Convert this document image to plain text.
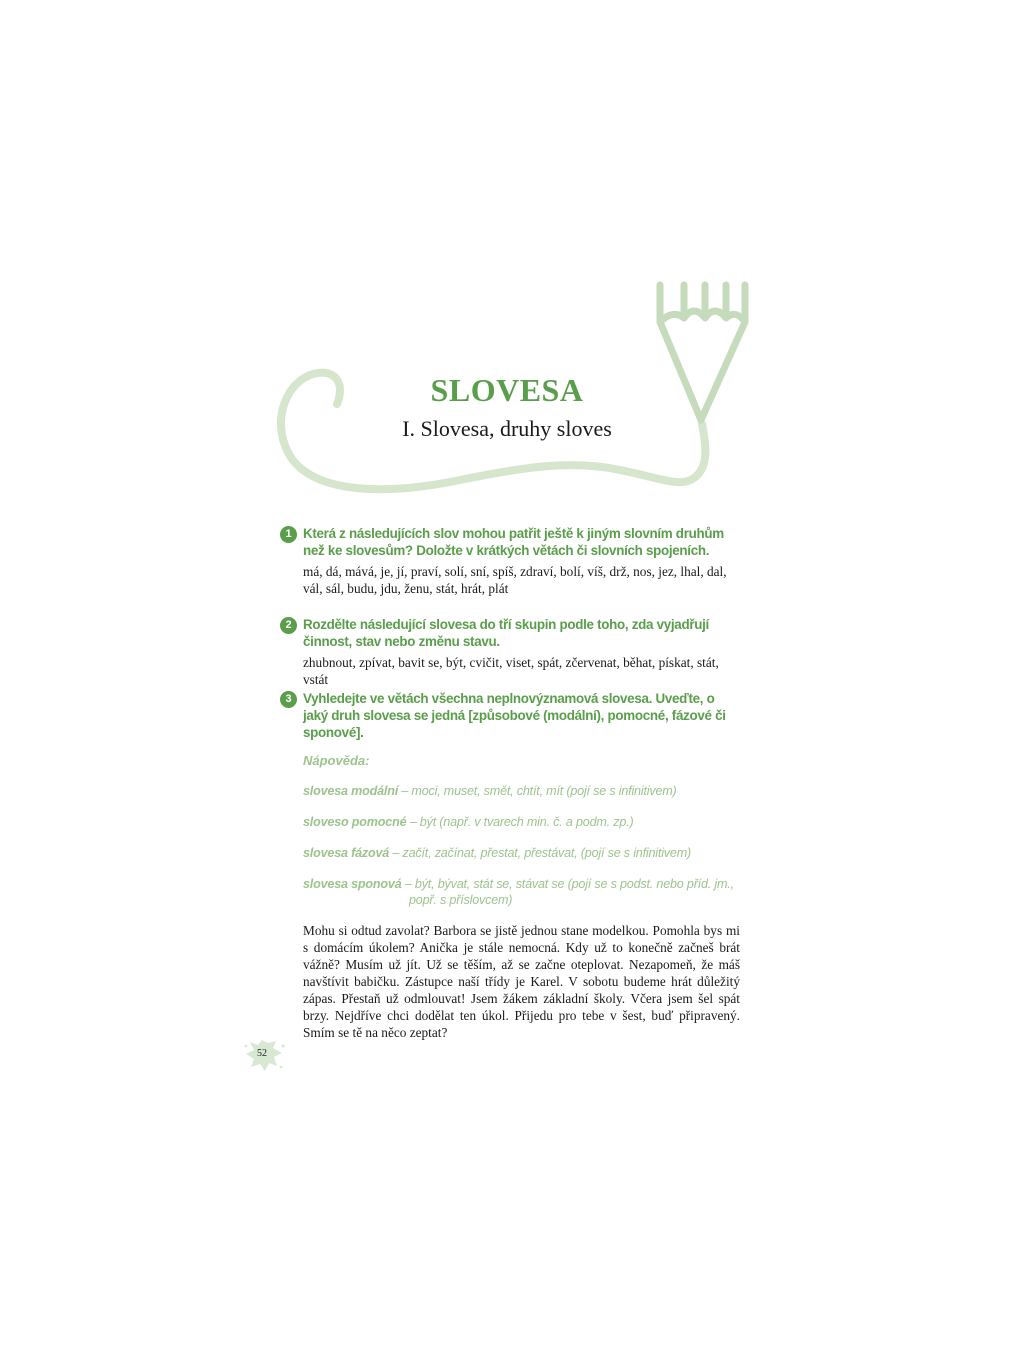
SLOVESA
I. Slovesa, druhy sloves
1 Která z následujících slov mohou patřit ještě k jiným slovním druhům než ke slovesům? Doložte v krátkých větách či slovních spojeních.

má, dá, mává, je, jí, praví, solí, sní, spíš, zdraví, bolí, víš, drž, nos, jez, lhal, dal, vál, sál, budu, jdu, ženu, stát, hrát, plát

2 Rozdělte následující slovesa do tří skupin podle toho, zda vyjadřují činnost, stav nebo změnu stavu.

zhubnout, zpívat, bavit se, být, cvičit, viset, spát, zčervenat, běhat, pískat, stát, vstát

3 Vyhledejte ve větách všechna neplnovýznamová slovesa. Uveďte, o jaký druh slovesa se jedná [způsobové (modální), pomocné, fázové či sponové].

Nápověda:
slovesa modální – moci, muset, smět, chtít, mít (pojí se s infinitivem)
sloveso pomocné – být (např. v tvarech min. č. a podm. zp.)
slovesa fázová – začít, začínat, přestat, přestávat, (pojí se s infinitivem)
slovesa sponová – být, bývat, stát se, stávat se (pojí se s podst. nebo příd. jm.,
popř. s příslovcem)

Mohu si odtud zavolat? Barbora se jistě jednou stane modelkou. Pomohla bys mi s domácím úkolem? Anička je stále nemocná. Kdy už to konečně začneš brát vážně? Musím už jít. Už se těším, až se začne oteplovat. Nezapomeň, že máš navštívit babičku. Zástupce naší třídy je Karel. V sobotu budeme hrát důležitý zápas. Přestaň už odmlouvat! Jsem žákem základní školy. Včera jsem šel spát brzy. Nejdříve chci dodělat ten úkol. Přijedu pro tebe v šest, buď připravený. Smím se tě na něco zeptat?

52
